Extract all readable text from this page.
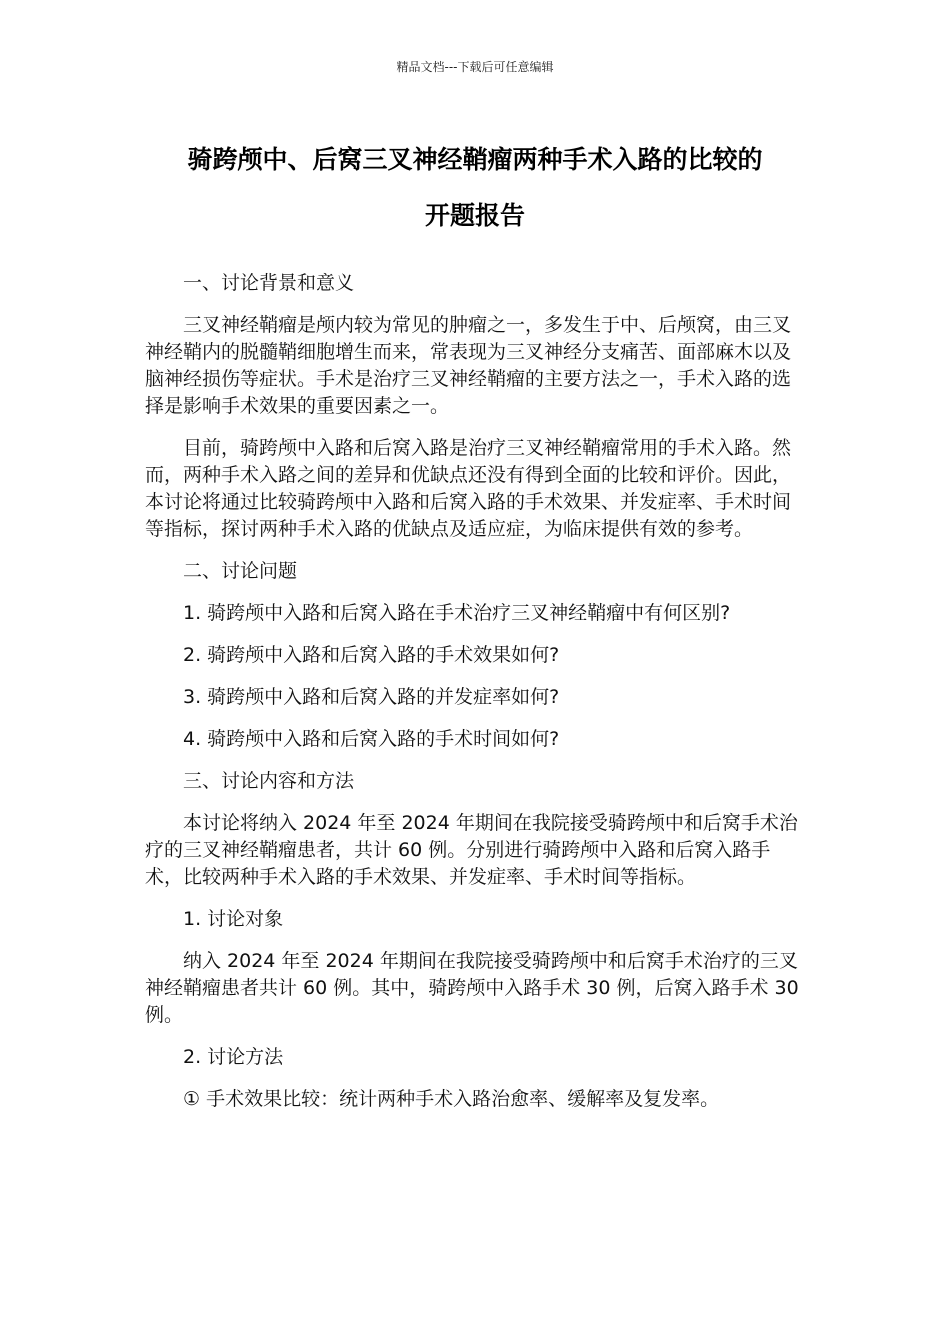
精品文档---下载后可任意编辑
骑跨颅中、后窝三叉神经鞘瘤两种手术入路的比较的
开题报告
一、讨论背景和意义
三叉神经鞘瘤是颅内较为常见的肿瘤之一，多发生于中、后颅窝，由三叉神经鞘内的脱髓鞘细胞增生而来，常表现为三叉神经分支痛苦、面部麻木以及脑神经损伤等症状。手术是治疗三叉神经鞘瘤的主要方法之一，手术入路的选择是影响手术效果的重要因素之一。
目前，骑跨颅中入路和后窝入路是治疗三叉神经鞘瘤常用的手术入路。然而，两种手术入路之间的差异和优缺点还没有得到全面的比较和评价。因此，本讨论将通过比较骑跨颅中入路和后窝入路的手术效果、并发症率、手术时间等指标，探讨两种手术入路的优缺点及适应症，为临床提供有效的参考。
二、讨论问题
1. 骑跨颅中入路和后窝入路在手术治疗三叉神经鞘瘤中有何区别?
2. 骑跨颅中入路和后窝入路的手术效果如何?
3. 骑跨颅中入路和后窝入路的并发症率如何?
4. 骑跨颅中入路和后窝入路的手术时间如何?
三、讨论内容和方法
本讨论将纳入 2024 年至 2024 年期间在我院接受骑跨颅中和后窝手术治疗的三叉神经鞘瘤患者，共计 60 例。分别进行骑跨颅中入路和后窝入路手术，比较两种手术入路的手术效果、并发症率、手术时间等指标。
1. 讨论对象
纳入 2024 年至 2024 年期间在我院接受骑跨颅中和后窝手术治疗的三叉神经鞘瘤患者共计 60 例。其中，骑跨颅中入路手术 30 例，后窝入路手术 30 例。
2. 讨论方法
① 手术效果比较：统计两种手术入路治愈率、缓解率及复发率。
